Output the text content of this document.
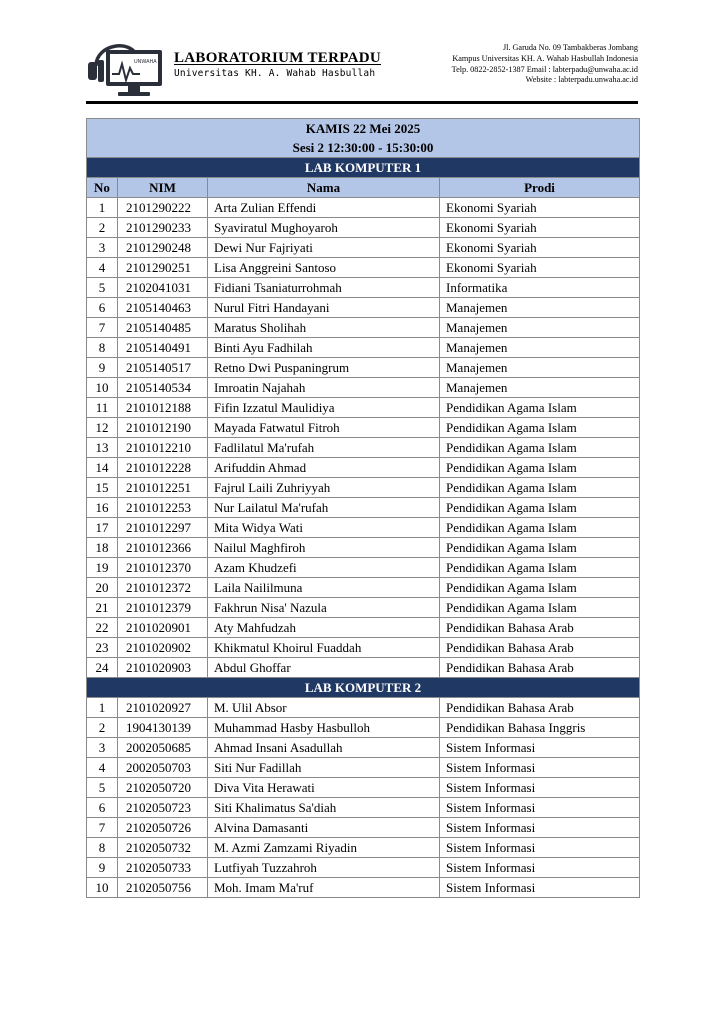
UNWAHA LABORATORIUM TERPADU
Universitas KH. A. Wahab Hasbullah
Jl. Garuda No. 09 Tambakberas Jombang
Kampus Universitas KH. A. Wahab Hasbullah Indonesia
Telp. 0822-2852-1387 Email : labterpadu@unwaha.ac.id
Website : labterpadu.unwaha.ac.id
KAMIS 22 Mei 2025			
Sesi 2 12:30:00 - 15:30:00			
LAB KOMPUTER 1			
No	NIM	Nama	Prodi
1	2101290222	Arta Zulian Effendi	Ekonomi Syariah
2	2101290233	Syaviratul Mughoyaroh	Ekonomi Syariah
3	2101290248	Dewi Nur Fajriyati	Ekonomi Syariah
4	2101290251	Lisa Anggreini Santoso	Ekonomi Syariah
5	2102041031	Fidiani Tsaniaturrohmah	Informatika
6	2105140463	Nurul Fitri Handayani	Manajemen
7	2105140485	Maratus Sholihah	Manajemen
8	2105140491	Binti Ayu Fadhilah	Manajemen
9	2105140517	Retno Dwi Puspaningrum	Manajemen
10	2105140534	Imroatin Najahah	Manajemen
11	2101012188	Fifin Izzatul Maulidiya	Pendidikan Agama Islam
12	2101012190	Mayada Fatwatul Fitroh	Pendidikan Agama Islam
13	2101012210	Fadlilatul Ma'rufah	Pendidikan Agama Islam
14	2101012228	Arifuddin Ahmad	Pendidikan Agama Islam
15	2101012251	Fajrul Laili Zuhriyyah	Pendidikan Agama Islam
16	2101012253	Nur Lailatul Ma'rufah	Pendidikan Agama Islam
17	2101012297	Mita Widya Wati	Pendidikan Agama Islam
18	2101012366	Nailul Maghfiroh	Pendidikan Agama Islam
19	2101012370	Azam Khudzefi	Pendidikan Agama Islam
20	2101012372	Laila Naililmuna	Pendidikan Agama Islam
21	2101012379	Fakhrun Nisa' Nazula	Pendidikan Agama Islam
22	2101020901	Aty Mahfudzah	Pendidikan Bahasa Arab
23	2101020902	Khikmatul Khoirul Fuaddah	Pendidikan Bahasa Arab
24	2101020903	Abdul Ghoffar	Pendidikan Bahasa Arab
LAB KOMPUTER 2			
1	2101020927	M. Ulil Absor	Pendidikan Bahasa Arab
2	1904130139	Muhammad Hasby Hasbulloh	Pendidikan Bahasa Inggris
3	2002050685	Ahmad Insani Asadullah	Sistem Informasi
4	2002050703	Siti Nur Fadillah	Sistem Informasi
5	2102050720	Diva Vita Herawati	Sistem Informasi
6	2102050723	Siti Khalimatus Sa'diah	Sistem Informasi
7	2102050726	Alvina Damasanti	Sistem Informasi
8	2102050732	M. Azmi Zamzami Riyadin	Sistem Informasi
9	2102050733	Lutfiyah Tuzzahroh	Sistem Informasi
10	2102050756	Moh. Imam Ma'ruf	Sistem Informasi
